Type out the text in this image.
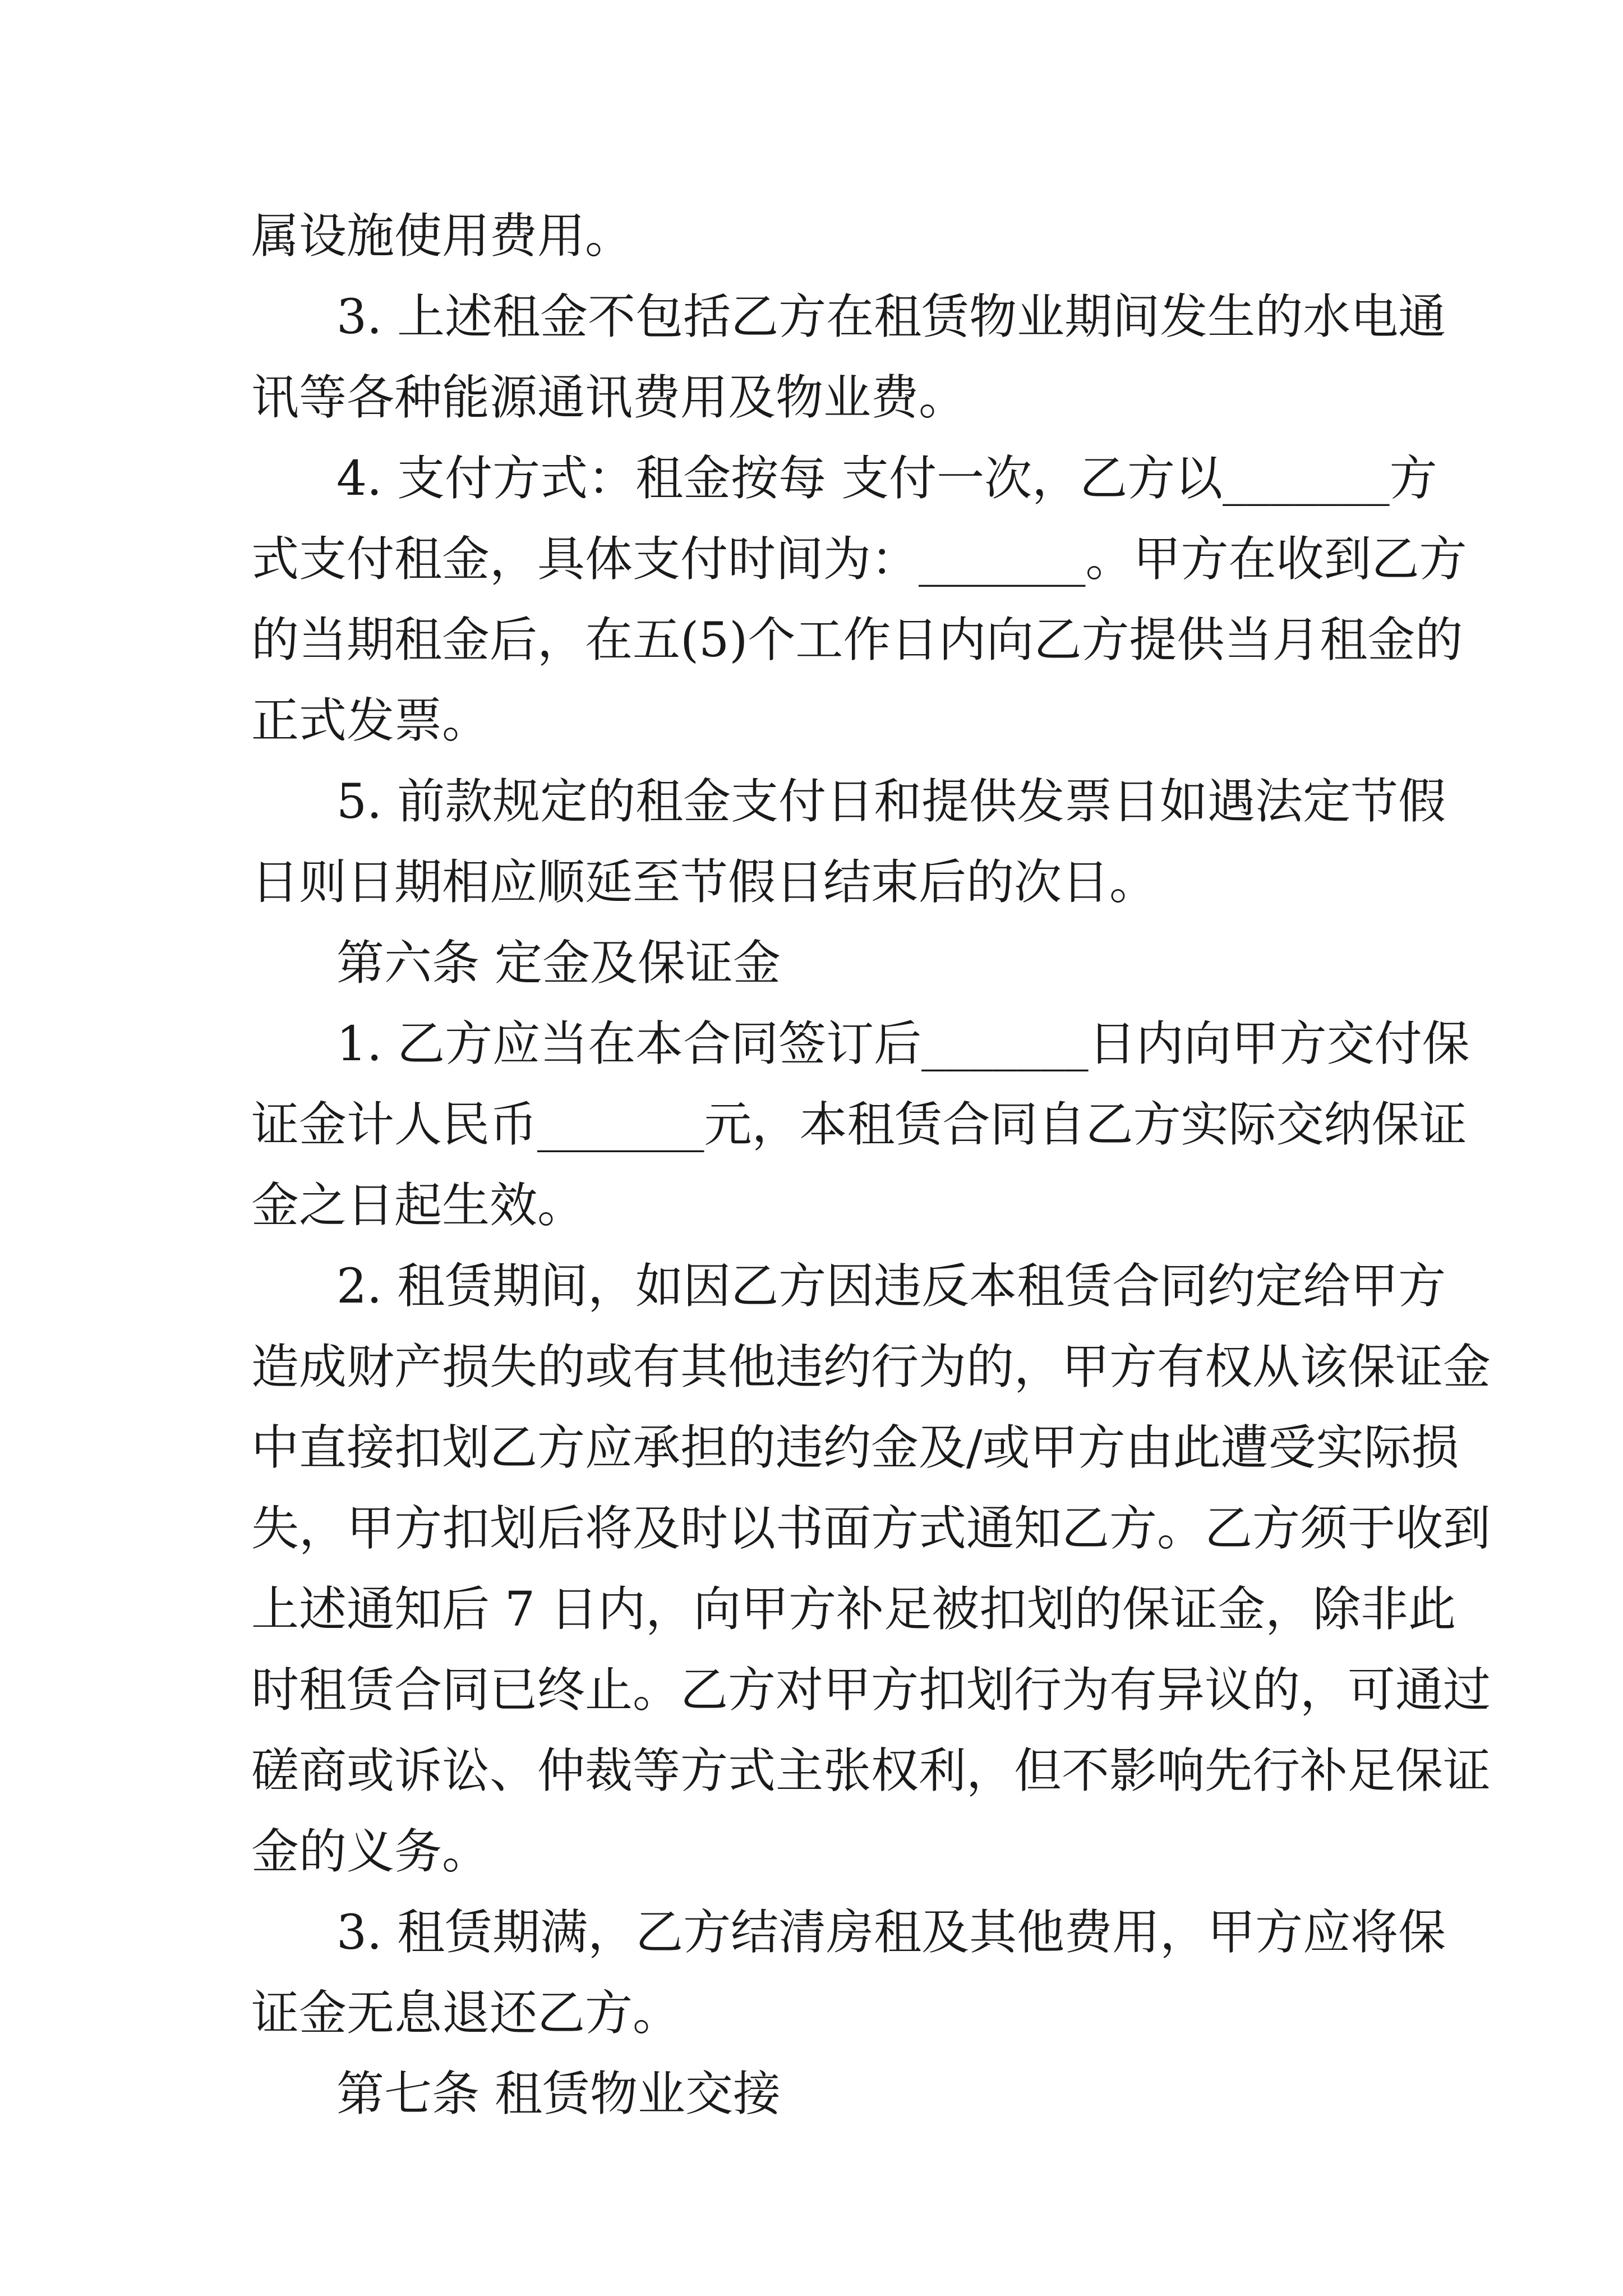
属设施使用费用。

3. 上述租金不包括乙方在租赁物业期间发生的水电通

讯等各种能源通讯费用及物业费。

4. 支付方式：租金按每 支付一次，乙方以_______方

式支付租金，具体支付时间为：_______。甲方在收到乙方

的当期租金后，在五(5)个工作日内向乙方提供当月租金的

正式发票。

5. 前款规定的租金支付日和提供发票日如遇法定节假

日则日期相应顺延至节假日结束后的次日。

第六条 定金及保证金

1. 乙方应当在本合同签订后_______日内向甲方交付保

证金计人民币_______元，本租赁合同自乙方实际交纳保证

金之日起生效。

2. 租赁期间，如因乙方因违反本租赁合同约定给甲方

造成财产损失的或有其他违约行为的，甲方有权从该保证金

中直接扣划乙方应承担的违约金及/或甲方由此遭受实际损

失，甲方扣划后将及时以书面方式通知乙方。乙方须于收到

上述通知后 7 日内，向甲方补足被扣划的保证金，除非此

时租赁合同已终止。乙方对甲方扣划行为有异议的，可通过

磋商或诉讼、仲裁等方式主张权利，但不影响先行补足保证

金的义务。

3. 租赁期满，乙方结清房租及其他费用，甲方应将保

证金无息退还乙方。

第七条 租赁物业交接
